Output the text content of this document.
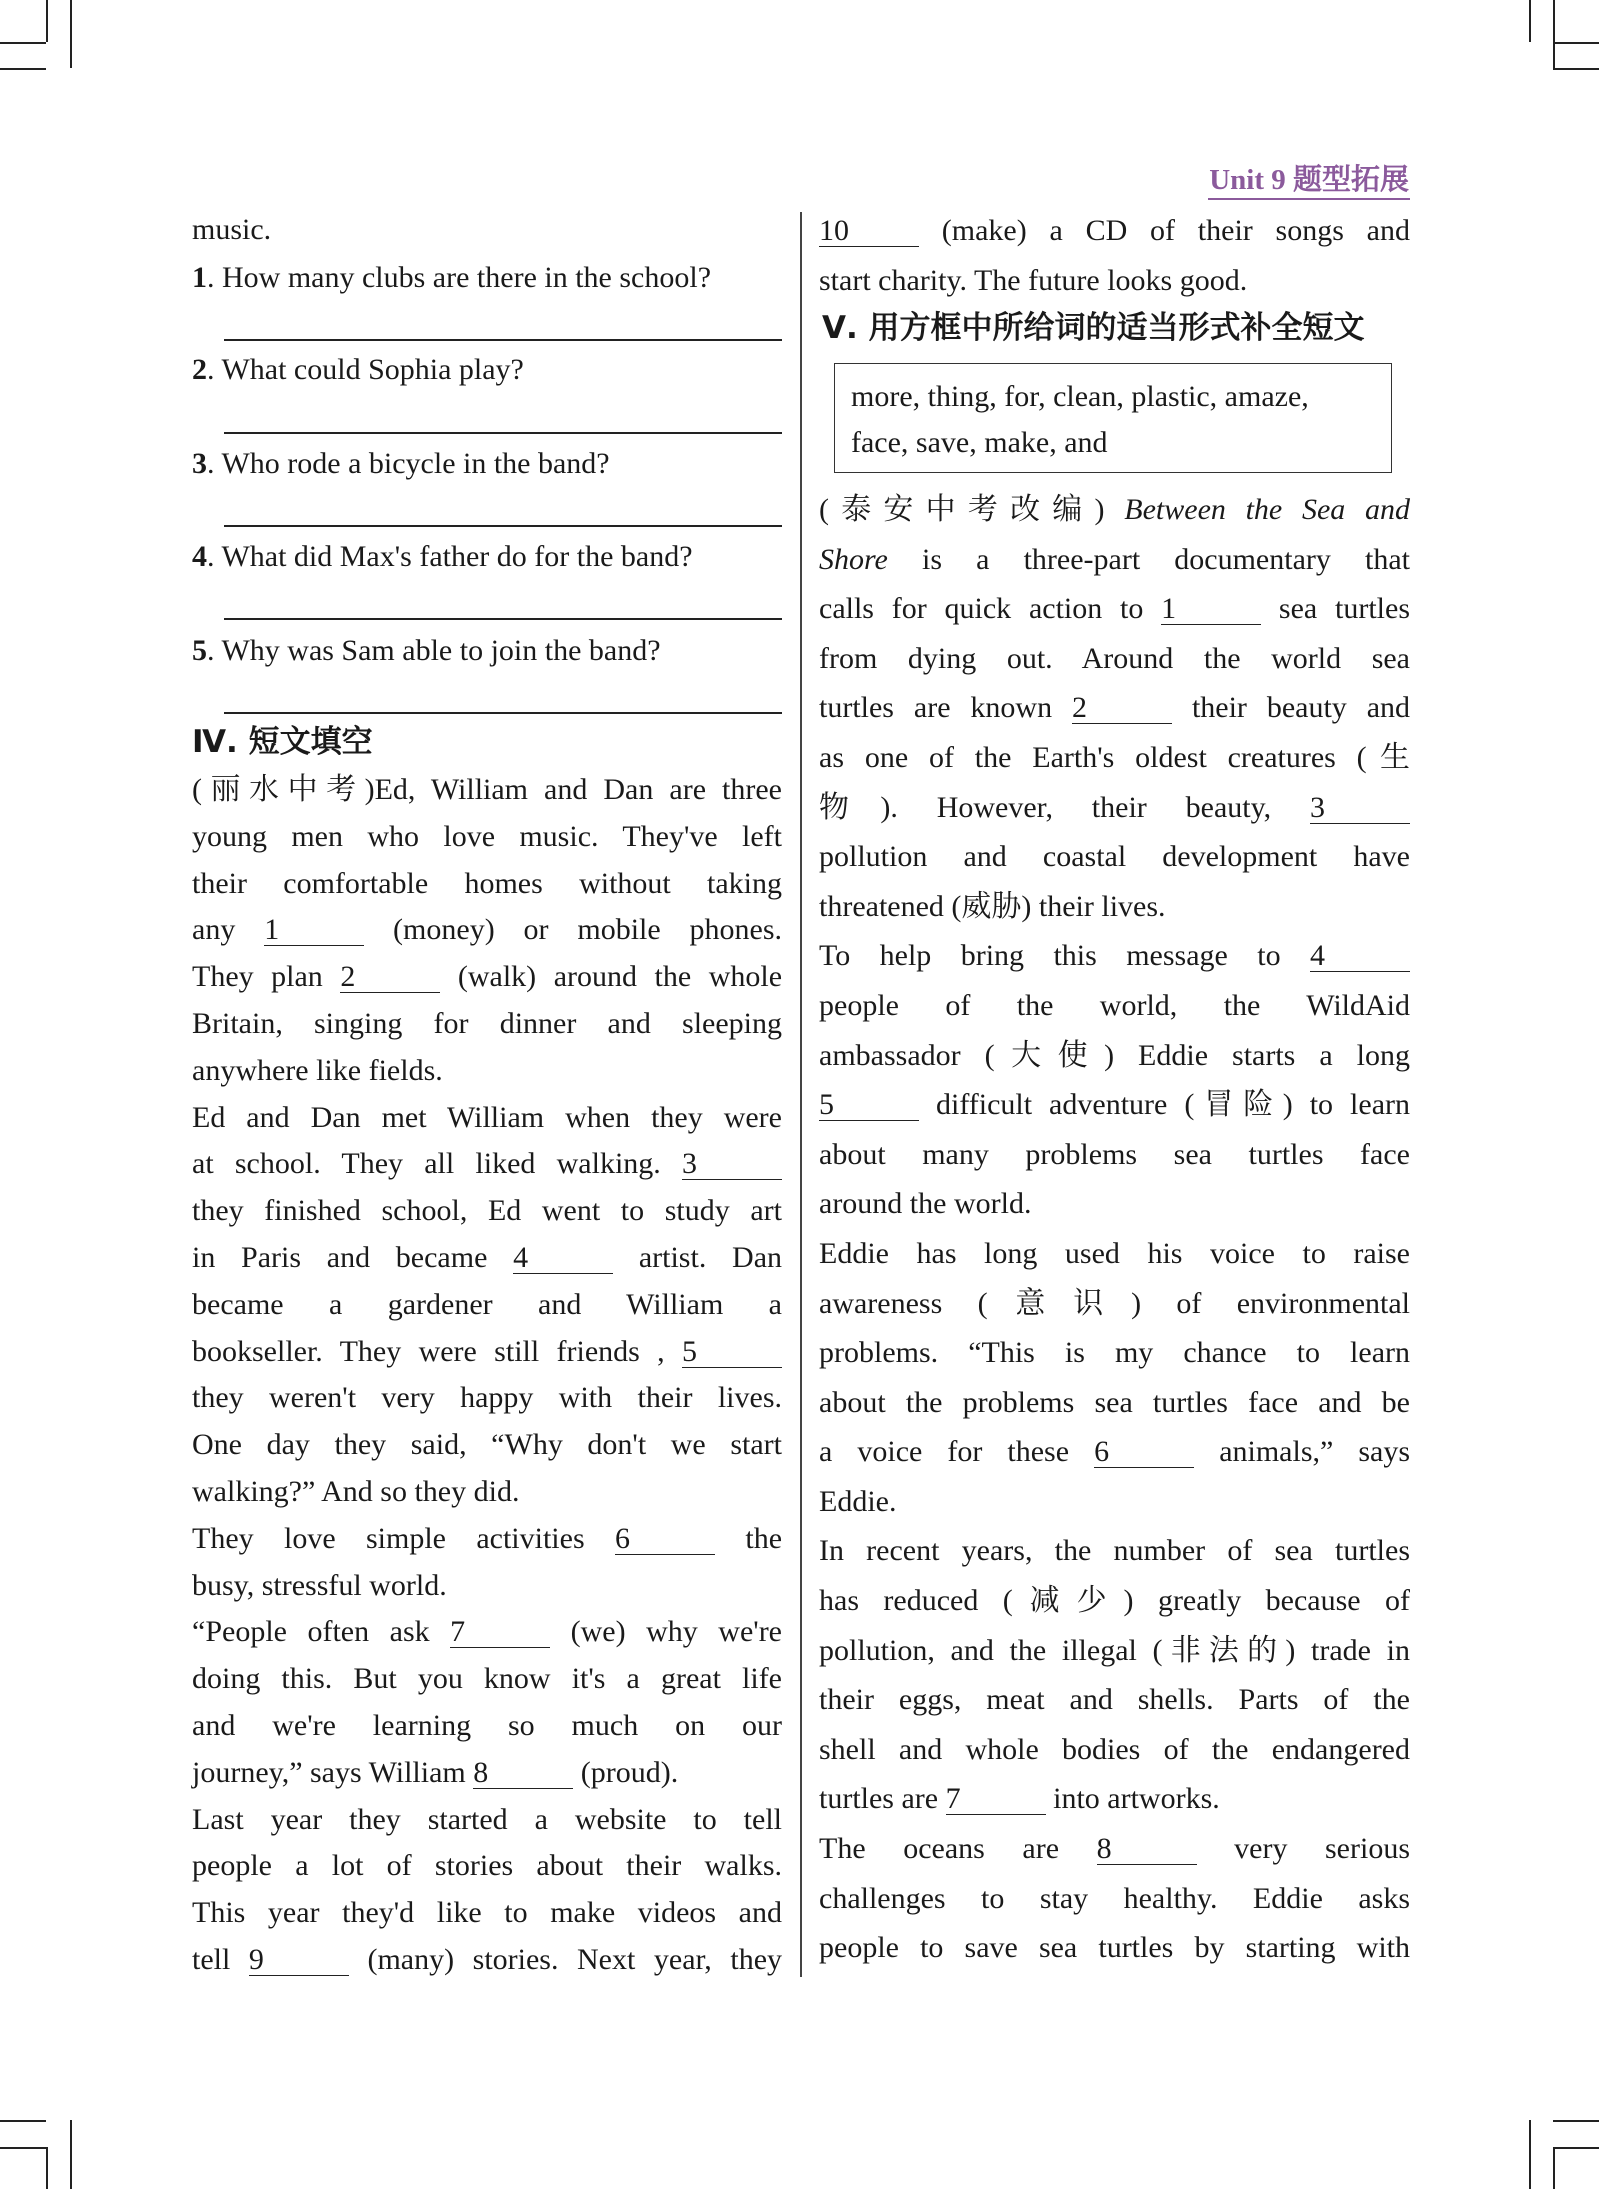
Unit 9 题型拓展
music.
1. How many clubs are there in the school?
2. What could Sophia play?
3. Who rode a bicycle in the band?
4. What did Max's father do for the band?
5. Why was Sam able to join the band?
Ⅳ. 短文填空
(丽水中考)Ed, William and Dan are three
young men who love music. They've left
their comfortable homes without taking
any 1	(money) or mobile phones.
They plan 2	(walk) around the whole
Britain, singing for dinner and sleeping
anywhere like fields.
Ed and Dan met William when they were
at school. They all liked walking. 3
they finished school, Ed went to study art
in Paris and became 4	artist. Dan
became a gardener and William a
bookseller. They were still friends , 5
they weren't very happy with their lives.
One day they said, “Why don't we start
walking?” And so they did.
They love simple activities 6	the
busy, stressful world.
“People often ask 7	(we) why we're
doing this. But you know it's a great life
and we're learning so much on our
journey,” says William 8	(proud).
Last year they started a website to tell
people a lot of stories about their walks.
This year they'd like to make videos and
tell 9	(many) stories. Next year, they
10	(make) a CD of their songs and
start charity. The future looks good.
Ⅴ. 用方框中所给词的适当形式补全短文
more, thing, for, clean, plastic, amaze,
face, save, make, and
(泰安中考改编) Between the Sea and
Shore is a three-part documentary that
calls for quick action to 1	sea turtles
from dying out. Around the world sea
turtles are known 2	their beauty and
as one of the Earth's oldest creatures (生
物). However, their beauty, 3
pollution and coastal development have
threatened (威胁) their lives.
To help bring this message to 4
people of the world, the WildAid
ambassador (大使) Eddie starts a long
5	difficult adventure (冒险) to learn
about many problems sea turtles face
around the world.
Eddie has long used his voice to raise
awareness (意识) of environmental
problems. “This is my chance to learn
about the problems sea turtles face and be
a voice for these 6	animals,” says
Eddie.
In recent years, the number of sea turtles
has reduced (减少) greatly because of
pollution, and the illegal (非法的) trade in
their eggs, meat and shells. Parts of the
shell and whole bodies of the endangered
turtles are 7	into artworks.
The oceans are 8	very serious
challenges to stay healthy. Eddie asks
people to save sea turtles by starting with
